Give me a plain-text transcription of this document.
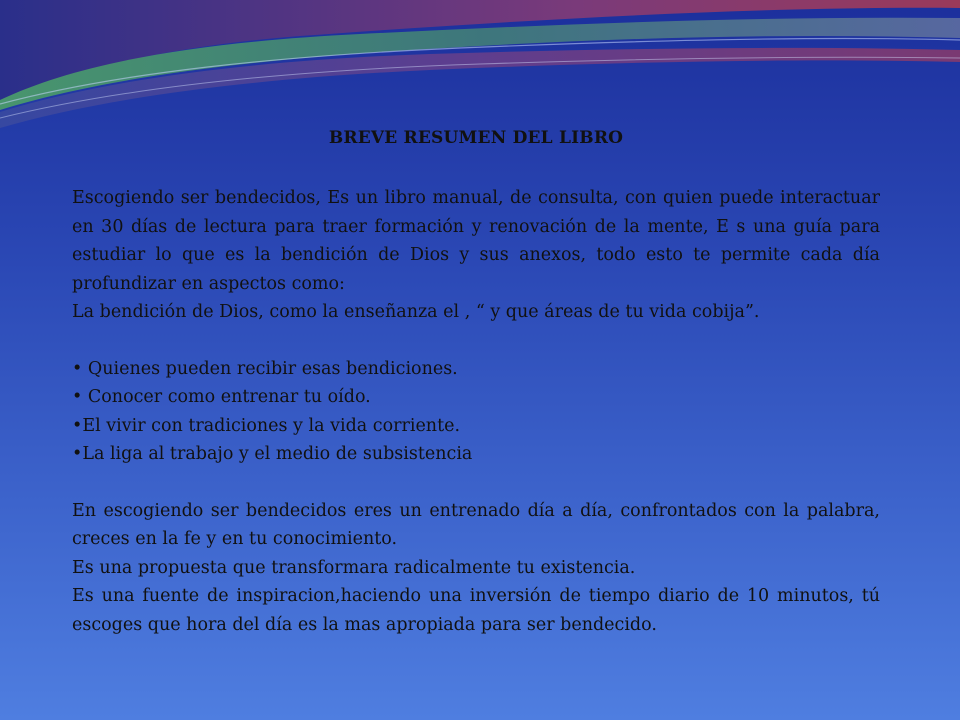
BREVE RESUMEN DEL LIBRO

Escogiendo ser bendecidos, Es un libro manual, de consulta, con quien puede interactuar en 30 días de lectura para traer formación y renovación de la mente, E s una guía para estudiar lo que es la bendición de Dios y sus anexos, todo esto te permite cada día profundizar en aspectos como:

La bendición de Dios, como la enseñanza el , “ y que áreas de tu vida cobija”.

• Quienes pueden recibir esas bendiciones.
• Conocer como entrenar tu oído.
•El vivir con tradiciones y la vida corriente.
•La liga al trabajo y el medio de subsistencia

En escogiendo ser bendecidos eres un entrenado día a día, confrontados con la palabra, creces en la fe y en tu conocimiento.

Es una propuesta que transformara radicalmente tu existencia.

Es una fuente de inspiracion,haciendo una inversión de tiempo diario de 10 minutos, tú escoges que hora del día es la mas apropiada para ser bendecido.
